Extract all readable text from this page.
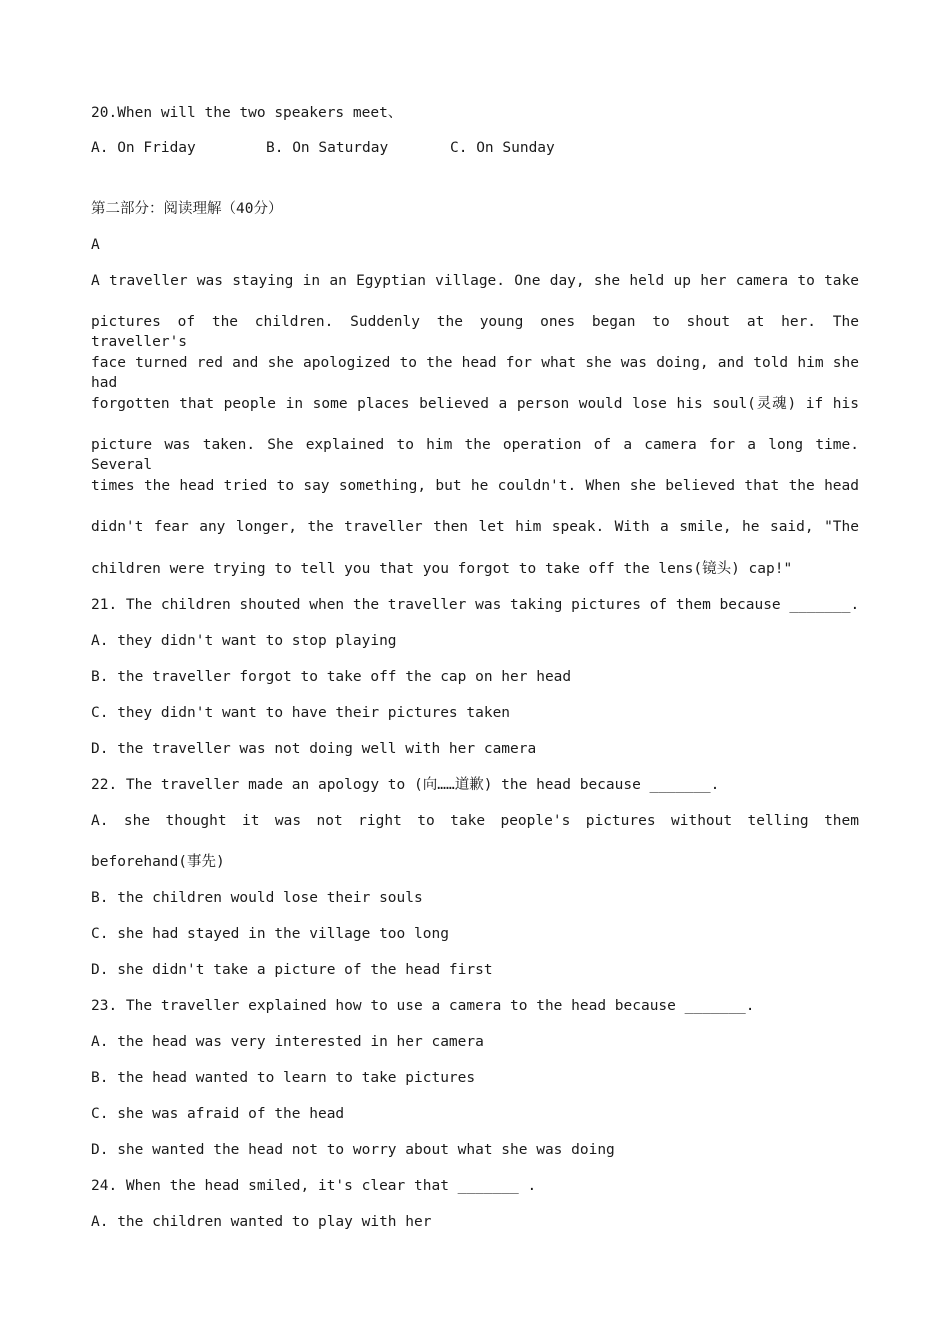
20.When will the two speakers meet、

A. On Friday

	B. On Saturday

	C. On Sunday

第二部分：阅读理解（40分）
A
A traveller was staying in an Egyptian village. One day, she held up her camera to take
pictures of the children. Suddenly the young ones began to shout at her. The traveller's
face turned red and she apologized to the head for what she was doing, and told him she had
forgotten that people in some places believed a person would lose his soul(灵魂) if his
picture was taken. She explained to him the operation of a camera for a long time. Several
times the head tried to say something, but he couldn't. When she believed that the head
didn't fear any longer, the traveller then let him speak. With a smile, he said, "The
children were trying to tell you that you forgot to take off the lens(镜头) cap!"
21. The children shouted when the traveller was taking pictures of them because _______.
A. they didn't want to stop playing
B. the traveller forgot to take off the cap on her head
C. they didn't want to have their pictures taken
D. the traveller was not doing well with her camera
22. The traveller made an apology to (向……道歉) the head because _______.
A. she thought it was not right to take people's pictures without telling them
beforehand(事先)
B. the children would lose their souls
C. she had stayed in the village too long
D. she didn't take a picture of the head first
23. The traveller explained how to use a camera to the head because _______.
A. the head was very interested in her camera
B. the head wanted to learn to take pictures
C. she was afraid of the head
D. she wanted the head not to worry about what she was doing
24. When the head smiled, it's clear that _______ .
A. the children wanted to play with her
